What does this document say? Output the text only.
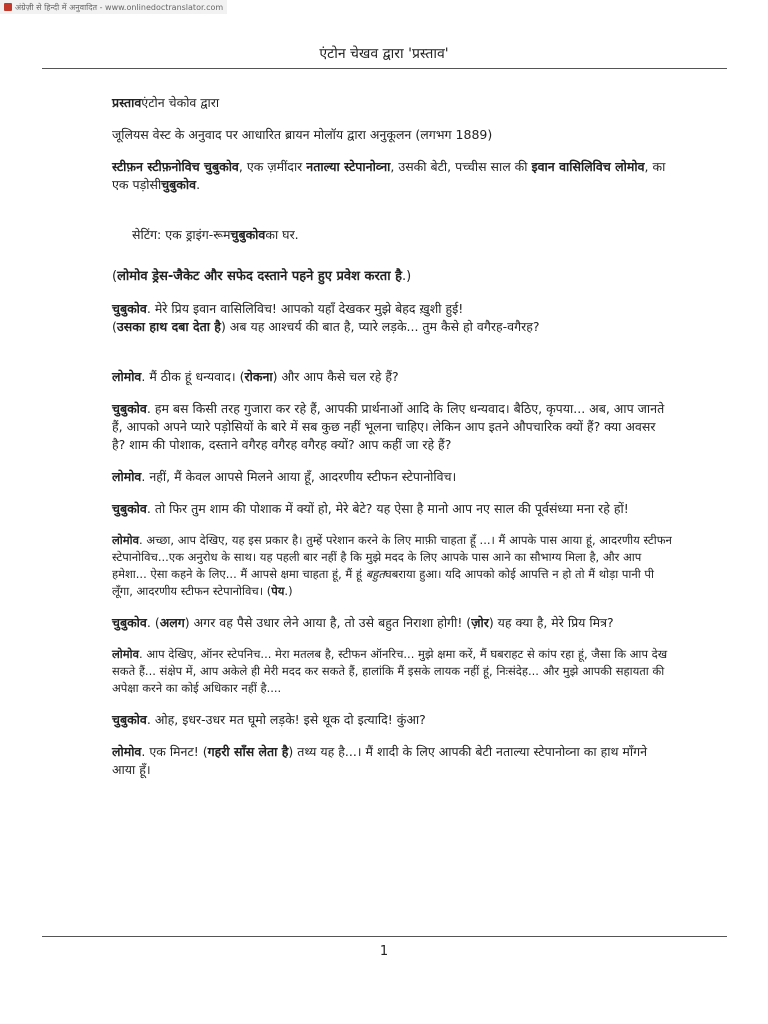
अंग्रेज़ी से हिन्दी में अनुवादित - www.onlinedoctranslator.com
एंटोन चेखव द्वारा 'प्रस्ताव'

प्रस्तावएंटोन चेकोव द्वारा

जूलियस वेस्ट के अनुवाद पर आधारित ब्रायन मोलॉय द्वारा अनुकूलन (लगभग 1889)

स्टीफ़न स्टीफ़नोविच चुबुकोव, एक ज़मींदार नताल्या स्टेपानोव्ना, उसकी बेटी, पच्चीस साल की इवान वासिलिविच लोमोव, का एक पड़ोसीचुबुकोव.

सेटिंग: एक ड्राइंग-रूमचुबुकोवका घर.

(लोमोव ड्रेस-जैकेट और सफेद दस्ताने पहने हुए प्रवेश करता है.)

चुबुकोव. मेरे प्रिय इवान वासिलिविच! आपको यहाँ देखकर मुझे बेहद ख़ुशी हुई!
(उसका हाथ दबा देता है) अब यह आश्चर्य की बात है, प्यारे लड़के... तुम कैसे हो वगैरह-वगैरह?

लोमोव. मैं ठीक हूं धन्यवाद। (रोकना) और आप कैसे चल रहे हैं?

चुबुकोव. हम बस किसी तरह गुजारा कर रहे हैं, आपकी प्रार्थनाओं आदि के लिए धन्यवाद। बैठिए, कृपया... अब, आप जानते हैं, आपको अपने प्यारे पड़ोसियों के बारे में सब कुछ नहीं भूलना चाहिए। लेकिन आप इतने औपचारिक क्यों हैं? क्या अवसर है? शाम की पोशाक, दस्ताने वगैरह वगैरह वगैरह क्यों? आप कहीं जा रहे हैं?

लोमोव. नहीं, मैं केवल आपसे मिलने आया हूँ, आदरणीय स्टीफन स्टेपानोविच।

चुबुकोव. तो फिर तुम शाम की पोशाक में क्यों हो, मेरे बेटे? यह ऐसा है मानो आप नए साल की पूर्वसंध्या मना रहे हों!

लोमोव. अच्छा, आप देखिए, यह इस प्रकार है। तुम्हें परेशान करने के लिए माफ़ी चाहता हूँ ...। मैं आपके पास आया हूं, आदरणीय स्टीफन स्टेपानोविच...एक अनुरोध के साथ। यह पहली बार नहीं है कि मुझे मदद के लिए आपके पास आने का सौभाग्य मिला है, और आप हमेशा... ऐसा कहने के लिए... मैं आपसे क्षमा चाहता हूं, मैं हूं बहुतघबराया हुआ। यदि आपको कोई आपत्ति न हो तो मैं थोड़ा पानी पी लूँगा, आदरणीय स्टीफन स्टेपानोविच। (पेय.)

चुबुकोव. (अलग) अगर वह पैसे उधार लेने आया है, तो उसे बहुत निराशा होगी! (ज़ोर) यह क्या है, मेरे प्रिय मित्र?

लोमोव. आप देखिए, ऑनर स्टेपनिच... मेरा मतलब है, स्टीफन ऑनरिच... मुझे क्षमा करें, मैं घबराहट से कांप रहा हूं, जैसा कि आप देख सकते हैं... संक्षेप में, आप अकेले ही मेरी मदद कर सकते हैं, हालांकि मैं इसके लायक नहीं हूं, निःसंदेह... और मुझे आपकी सहायता की अपेक्षा करने का कोई अधिकार नहीं है....

चुबुकोव. ओह, इधर-उधर मत घूमो लड़के! इसे थूक दो इत्यादि! कुंआ?

लोमोव. एक मिनट! (गहरी साँस लेता है) तथ्य यह है...। मैं शादी के लिए आपकी बेटी नताल्या स्टेपानोव्ना का हाथ माँगने आया हूँ।

1
